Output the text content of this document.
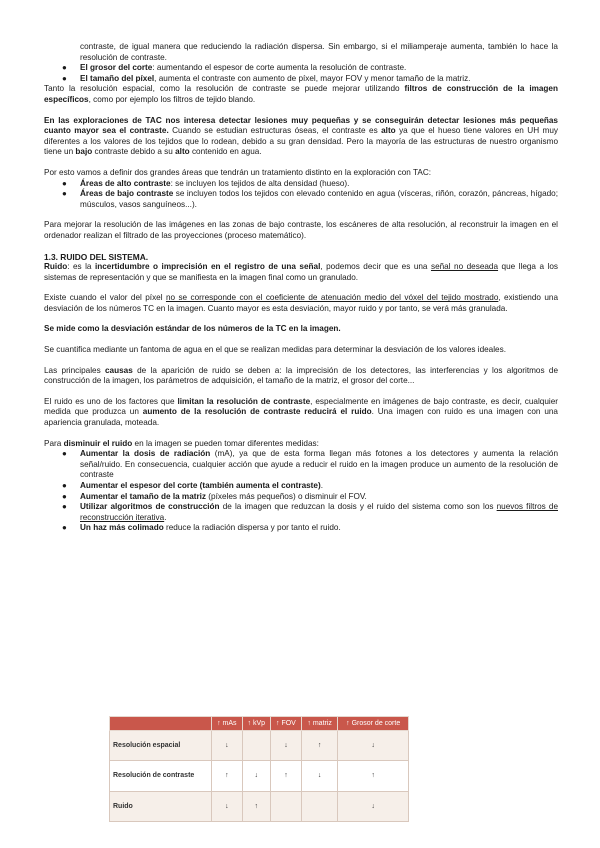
contraste, de igual manera que reduciendo la radiación dispersa. Sin embargo, si el miliamperaje aumenta, también lo hace la resolución de contraste.

● El grosor del corte: aumentando el espesor de corte aumenta la resolución de contraste.
● El tamaño del píxel, aumenta el contraste con aumento de píxel, mayor FOV y menor tamaño de la matriz.

Tanto la resolución espacial, como la resolución de contraste se puede mejorar utilizando filtros de construcción de la imagen específicos, como por ejemplo los filtros de tejido blando.

En las exploraciones de TAC nos interesa detectar lesiones muy pequeñas y se conseguirán detectar lesiones más pequeñas cuanto mayor sea el contraste. Cuando se estudian estructuras óseas, el contraste es alto ya que el hueso tiene valores en UH muy diferentes a los valores de los tejidos que lo rodean, debido a su gran densidad. Pero la mayoría de las estructuras de nuestro organismo tiene un bajo contraste debido a su alto contenido en agua.

Por esto vamos a definir dos grandes áreas que tendrán un tratamiento distinto en la exploración con TAC:

● Áreas de alto contraste: se incluyen los tejidos de alta densidad (hueso).
● Áreas de bajo contraste se incluyen todos los tejidos con elevado contenido en agua (vísceras, riñón, corazón, páncreas, hígado; músculos, vasos sanguíneos...).

Para mejorar la resolución de las imágenes en las zonas de bajo contraste, los escáneres de alta resolución, al reconstruir la imagen en el ordenador realizan el filtrado de las proyecciones (proceso matemático).

1.3. RUIDO DEL SISTEMA.

Ruido: es la incertidumbre o imprecisión en el registro de una señal, podemos decir que es una señal no deseada que llega a los sistemas de representación y que se manifiesta en la imagen final como un granulado.

Existe cuando el valor del píxel no se corresponde con el coeficiente de atenuación medio del vóxel del tejido mostrado, existiendo una desviación de los números TC en la imagen. Cuanto mayor es esta desviación, mayor ruido y por tanto, se verá más granulada.

Se mide como la desviación estándar de los números de la TC en la imagen.

Se cuantifica mediante un fantoma de agua en el que se realizan medidas para determinar la desviación de los valores ideales.

Las principales causas de la aparición de ruido se deben a: la imprecisión de los detectores, las interferencias y los algoritmos de construcción de la imagen, los parámetros de adquisición, el tamaño de la matriz, el grosor del corte...

El ruido es uno de los factores que limitan la resolución de contraste, especialmente en imágenes de bajo contraste, es decir, cualquier medida que produzca un aumento de la resolución de contraste reducirá el ruido. Una imagen con ruido es una imagen con una apariencia granulada, moteada.

Para disminuir el ruido en la imagen se pueden tomar diferentes medidas:

● Aumentar la dosis de radiación (mA), ya que de esta forma llegan más fotones a los detectores y aumenta la relación señal/ruido. En consecuencia, cualquier acción que ayude a reducir el ruido en la imagen produce un aumento de la resolución de contraste
● Aumentar el espesor del corte (también aumenta el contraste).
● Aumentar el tamaño de la matriz (píxeles más pequeños) o disminuir el FOV.
● Utilizar algoritmos de construcción de la imagen que reduzcan la dosis y el ruido del sistema como son los nuevos filtros de reconstrucción iterativa.
● Un haz más colimado reduce la radiación dispersa y por tanto el ruido.
	↑ mAs	↑ kVp	↑ FOV	↑ matriz	↑ Grosor de corte
Resolución espacial	↓		↓	↑	↓
Resolución de contraste	↑	↓	↑	↓	↑
Ruido	↓	↑			↓
